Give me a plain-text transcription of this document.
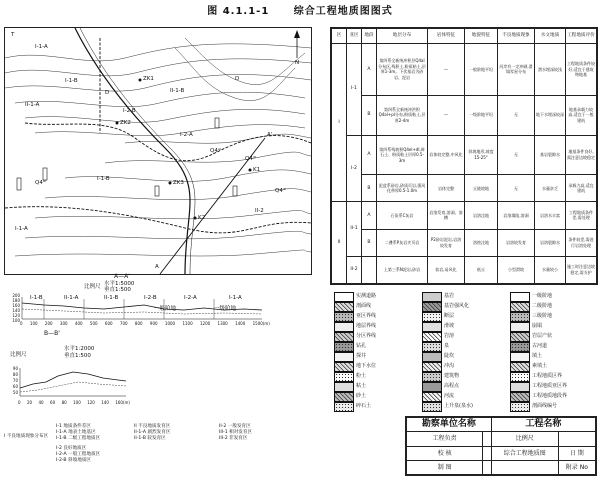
图 4.1.1-1 综合工程地质图图式
T
N
I-1-A
I-1-B
II-1-A
II-1-B
I-2-A
I-2-B
I-1-B
II-2
I-1-A
D
D
Q4ᵈˡ
Q4ᵈˡ
Q4ᵃˡ
Q4ᵈˡ
A
A'
ZK1
ZK2
ZK3
K1
K2
A—A'
比例尺 水平1:5000
垂直1:500
I-1-B	II-1-A	II-1-B	I-2-B	I-2-A	I-1-A
一般阶地	一级阶地
200
180
160
140
120
100
0 100 200 300 400 500 600 700 800 900 1000 1100 1200 1300 1400 1500(m)
B—B'
比例尺
水平1:2000
垂直1:500
90
80
70
60
50
0 20 40 60 80 100 120 140 160(m)
I 不良地质现象分布区
I-1 地质条件差区
I-1-A 地表土地基区
I-1-B 二级工程地质区
I-2 良好地质区
I-2-A 一般工程地质区
I-2-B 斜坡地质区
II 不良地质发育区
II-1-A 剧烈发育区
II-1-B 较发育区
II-2 一般发育区
III-1 相对发育区
III-2 非发育区
区	亚区	地段	地层分布	岩体特征	地貌特征	不良地质现象	水文地质	工程地质评价
I	I-1	A	第四系全新统冲积层Q4al分布区,残积土,粉质粘土,层厚1-3m。下伏基岩为砂岩、泥岩	—	一般阶地平坦	河岸有一定冲刷,滑塌零星分布	潜水埋深较浅	工程地质条件较好,适宜于建筑物地基
		B	第四系全新统冲洪积Q4al+pl分布,粉质粘土,层厚2-4m	—	一级阶地平坦	无	地下水埋深较深	地基承载力较高,适宜于一般建筑
	I-2	A	第四系残坡积Q4el+dl,碎石土、粉质粘土层厚0.5-3m	岩体较完整,中风化	斜坡地形,坡度15-25°	无	基岩裂隙水	地基条件良好,需注意边坡稳定
		B	泥盆系砂岩,砂质页岩,强风化带厚0.5-1.0m	岩体完整	丘陵坡地	无	水量贫乏	承载力高,适宜建筑
II	II-1	A	石炭系C灰岩	岩溶发育,溶洞、溶槽	岩溶洼地	岩溶塌陷,溶洞	岩溶水丰富	工程地质条件差,需处理
		B	二叠系P灰岩夹页岩	P2砂岩泥岩,岩溶较发育	溶蚀洼地	岩溶较发育	岩溶裂隙水	条件较差,需进行岩溶处理
	II-2		上第三系N泥岩,砂岩	软岩,易风化	低丘	小型滑坡	水量较小	施工时注意边坡稳定,需支护
实测道路
剖面线
亚区界线
地层界线
分区界线
钻孔
探井
地下水位
粉土
粘土
砂土
碎石土
基岩
基岩强风化
断层
滑坡
岩溶
泉
陡坎
冲沟
建筑物
高程点
河流
上升泉(泉水)
一级阶地
二级阶地
三级阶地
崩塌
岩层产状
古河道
填土
素填土
工程地质区界
工程地质亚区界
工程地质地段界
剖面线编号
勘察单位名称		工程名称	
工程负责		比例尺	
校 核		综合工程地质图	日 期
制 图			附录 No
